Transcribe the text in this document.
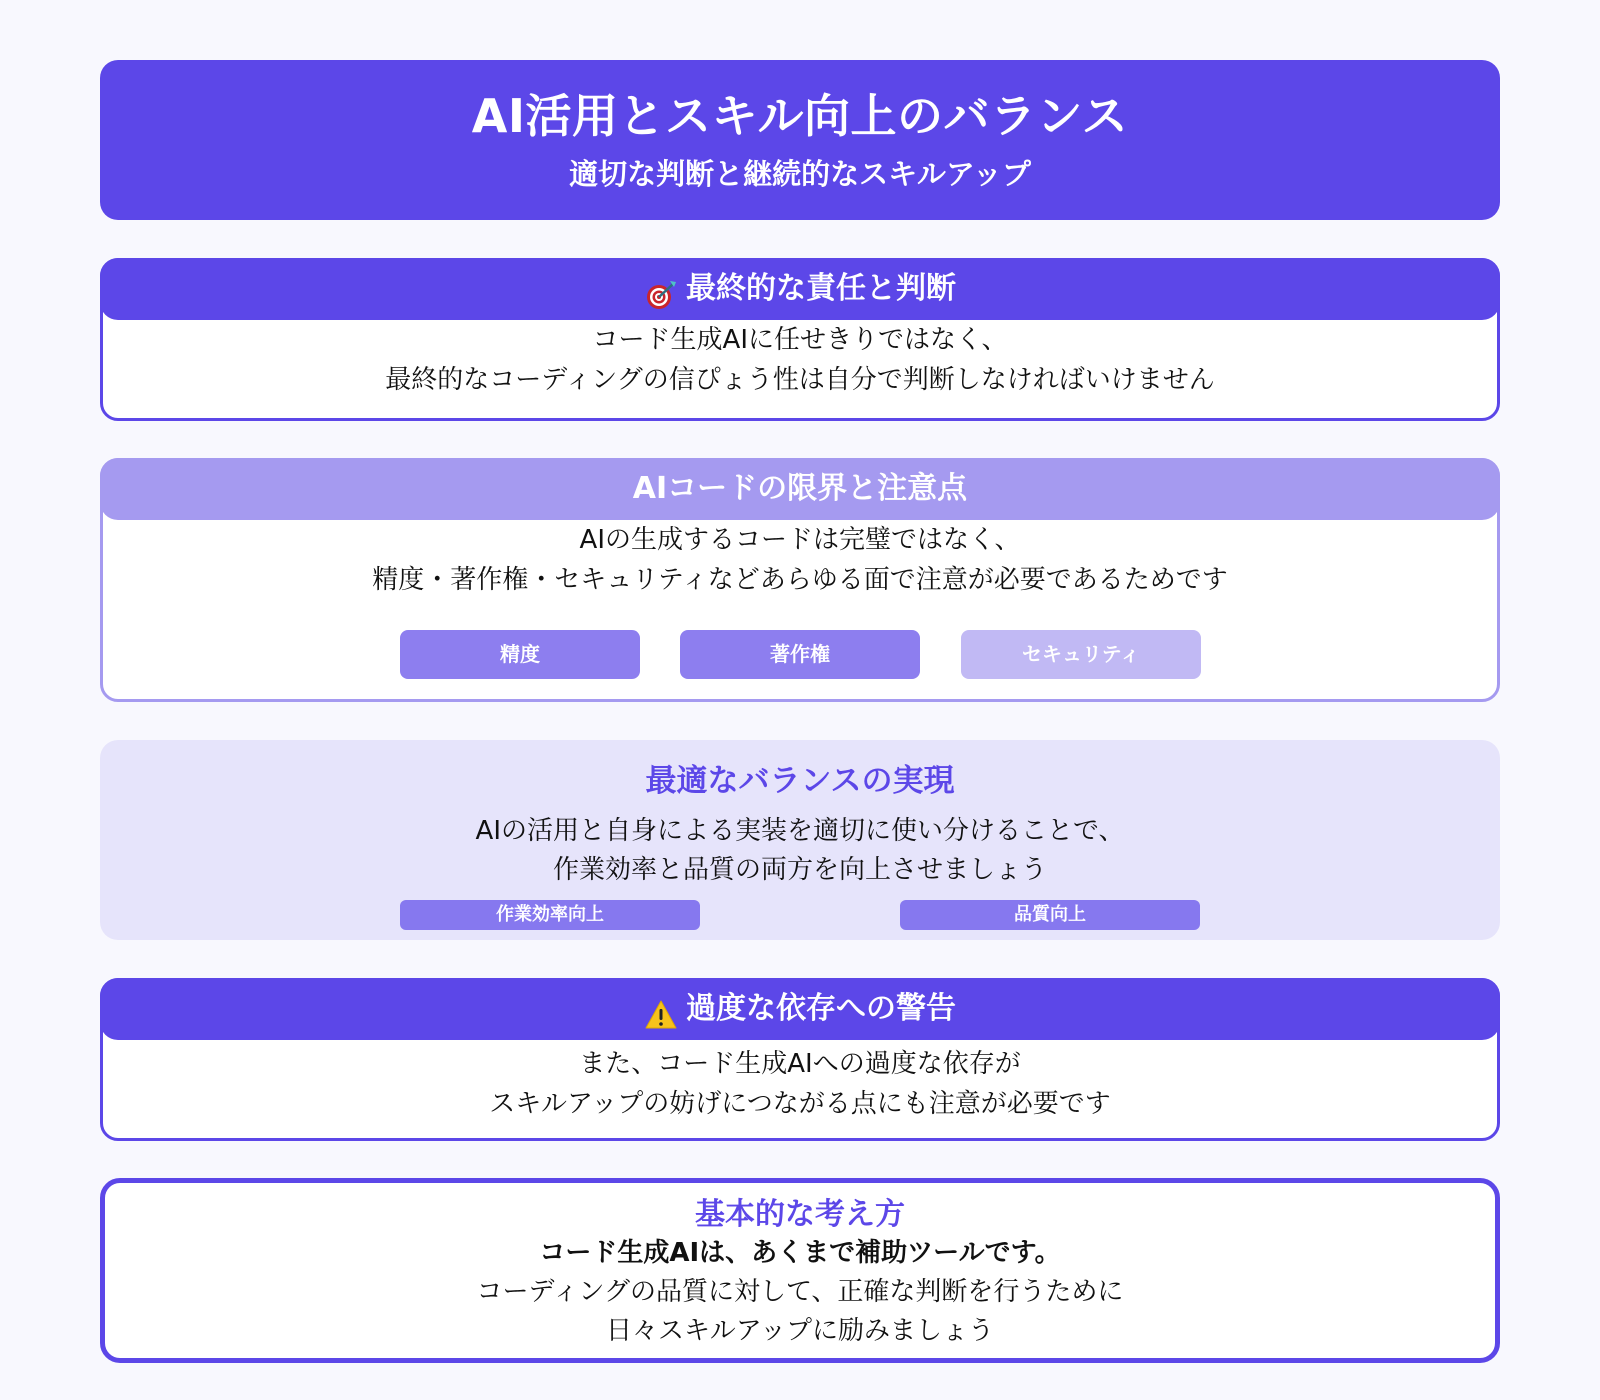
AI活用とスキル向上のバランス
適切な判断と継続的なスキルアップ
最終的な責任と判断
コード生成AIに任せきりではなく、
最終的なコーディングの信ぴょう性は自分で判断しなければいけません
AIコードの限界と注意点
AIの生成するコードは完璧ではなく、
精度・著作権・セキュリティなどあらゆる面で注意が必要であるためです
精度	著作権	セキュリティ
最適なバランスの実現
AIの活用と自身による実装を適切に使い分けることで、
作業効率と品質の両方を向上させましょう
作業効率向上	品質向上
過度な依存への警告
また、コード生成AIへの過度な依存が
スキルアップの妨げにつながる点にも注意が必要です
基本的な考え方
コード生成AIは、あくまで補助ツールです。
コーディングの品質に対して、正確な判断を行うために
日々スキルアップに励みましょう
